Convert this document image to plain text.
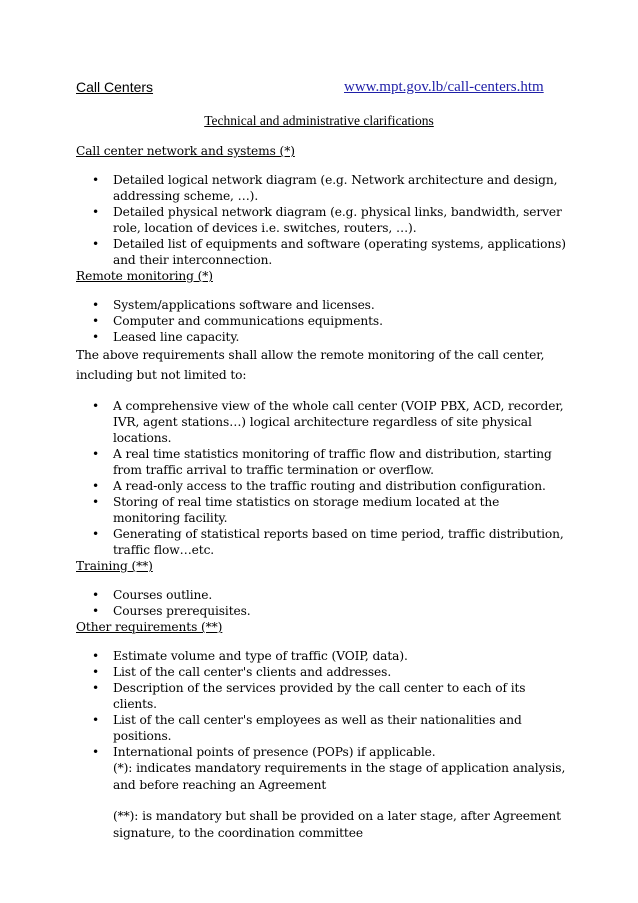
Call Centers	www.mpt.gov.lb/call-centers.htm
Technical and administrative clarifications

Call center network and systems (*)

• Detailed logical network diagram (e.g. Network architecture and design, addressing scheme, …).
• Detailed physical network diagram (e.g. physical links, bandwidth, server role, location of devices i.e. switches, routers, …).
• Detailed list of equipments and software (operating systems, applications) and their interconnection.

Remote monitoring (*)

• System/applications software and licenses.
• Computer and communications equipments.
• Leased line capacity.

The above requirements shall allow the remote monitoring of the call center, including but not limited to:

• A comprehensive view of the whole call center (VOIP PBX, ACD, recorder, IVR, agent stations…) logical architecture regardless of site physical locations.
• A real time statistics monitoring of traffic flow and distribution, starting from traffic arrival to traffic termination or overflow.
• A read-only access to the traffic routing and distribution configuration.
• Storing of real time statistics on storage medium located at the monitoring facility.
• Generating of statistical reports based on time period, traffic distribution, traffic flow…etc.

Training (**)

• Courses outline.
• Courses prerequisites.

Other requirements (**)

• Estimate volume and type of traffic (VOIP, data).
• List of the call center's clients and addresses.
• Description of the services provided by the call center to each of its clients.
• List of the call center's employees as well as their nationalities and positions.
• International points of presence (POPs) if applicable.

(*): indicates mandatory requirements in the stage of application analysis, and before reaching an Agreement

(**): is mandatory but shall be provided on a later stage, after Agreement signature, to the coordination committee
